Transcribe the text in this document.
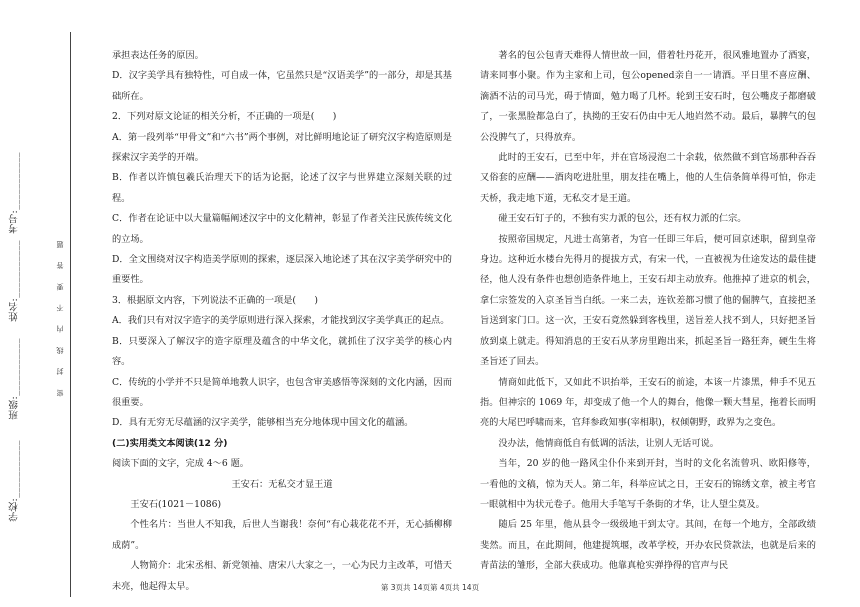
学校:___________
班级:___________
姓名:___________
考号:___________
密 封 线 内 不 要 答 题

承担表达任务的原因。

D．汉字美学具有独特性，可自成一体，它虽然只是“汉语美学”的一部分，却是其基础所在。

2．下列对原文论证的相关分析，不正确的一项是(　　)

A．第一段列举“甲骨文”和“六书”两个事例，对比鲜明地论证了研究汉字构造原则是探索汉字美学的开端。

B．作者以许慎包羲氏治理天下的话为论据，论述了汉字与世界建立深刻关联的过程。

C．作者在论证中以大量篇幅阐述汉字中的文化精神，彰显了作者关注民族传统文化的立场。

D．全文围绕对汉字构造美学原则的探索，逐层深入地论述了其在汉字美学研究中的重要性。

3．根据原文内容，下列说法不正确的一项是(　　)

A．我们只有对汉字造字的美学原则进行深入探索，才能找到汉字美学真正的起点。

B．只要深入了解汉字的造字原理及蕴含的中华文化，就抓住了汉字美学的核心内容。

C．传统的小学并不只是简单地教人识字，也包含审美感悟等深刻的文化内涵，因而很重要。

D．具有无穷无尽蕴涵的汉字美学，能够相当充分地体现中国文化的蕴涵。

(二)实用类文本阅读(12 分)

阅读下面的文字，完成 4～6 题。

王安石：无私交才显王道

王安石(1021－1086)

个性名片：当世人不知我，后世人当谢我！奈何“有心栽花花不开，无心插柳柳成荫”。

人物简介：北宋丞相、新党领袖、唐宋八大家之一，一心为民力主改革，可惜天未亮，他起得太早。

著名的包公包青天难得人情世故一回，借着牡丹花开，很风雅地置办了酒宴，请来同事小聚。作为主家和上司，包公opened亲自一一请酒。平日里不喜应酬、滴酒不沾的司马光，碍于情面，勉力喝了几杯。轮到王安石时，包公嘴皮子都磨破了，一张黑脸都急白了，执拗的王安石仍由中无人地岿然不动。最后，暴脾气的包公没脾气了，只得放弃。

此时的王安石，已至中年，并在官场浸泡二十余载，依然做不到官场那种吞吞又俗套的应酬——酒肉吃进肚里，朋友挂在嘴上，他的人生信条简单得可怕，你走天桥，我走地下道，无私交才是王道。

碰王安石钉子的，不独有实力派的包公，还有权力派的仁宗。

按照帝国规定，凡进士高第者，为官一任即三年后，便可回京述职，留到皇帝身边。这种近水楼台先得月的提拔方式，有宋一代，一直被视为仕途发达的最佳捷径，他人没有条件也想创造条件地上，王安石却主动放弃。他推掉了进京的机会，拿仁宗签发的入京圣旨当白纸。一来二去，连钦差都习惯了他的倔脾气，直接把圣旨送到家门口。这一次，王安石竟然躲到客栈里，送旨差人找不到人，只好把圣旨放到桌上就走。得知消息的王安石从茅房里跑出来，抓起圣旨一路狂奔，硬生生将圣旨还了回去。

情商如此低下，又如此不识抬举，王安石的前途，本该一片漆黑，伸手不见五指。但神宗的 1069 年，却变成了他一个人的舞台，他像一颗大彗星，拖着长而明亮的大尾巴呼啸而来，官拜参政知事(宰相职)，权倾朝野，政界为之变色。

没办法，他情商低自有低调的活法，让别人无话可说。

当年，20 岁的他一路风尘仆仆来到开封，当时的文化名流曾巩、欧阳修等，一看他的文稿，惊为天人。第二年，科举应试之日，王安石的锦绣文章，被主考官一眼就相中为状元卷子。他用大手笔写千条街的才华，让人望尘莫及。

随后 25 年里，他从县令一级级地干到太守。其间，在每一个地方，全部政绩斐然。而且，在此期间，他建提筑堰，改革学校，开办农民贷款法，也就是后来的青苗法的雏形，全部大获成功。他靠真枪实弹挣得的官声与民

第 3页共 14页第 4页共 14页
